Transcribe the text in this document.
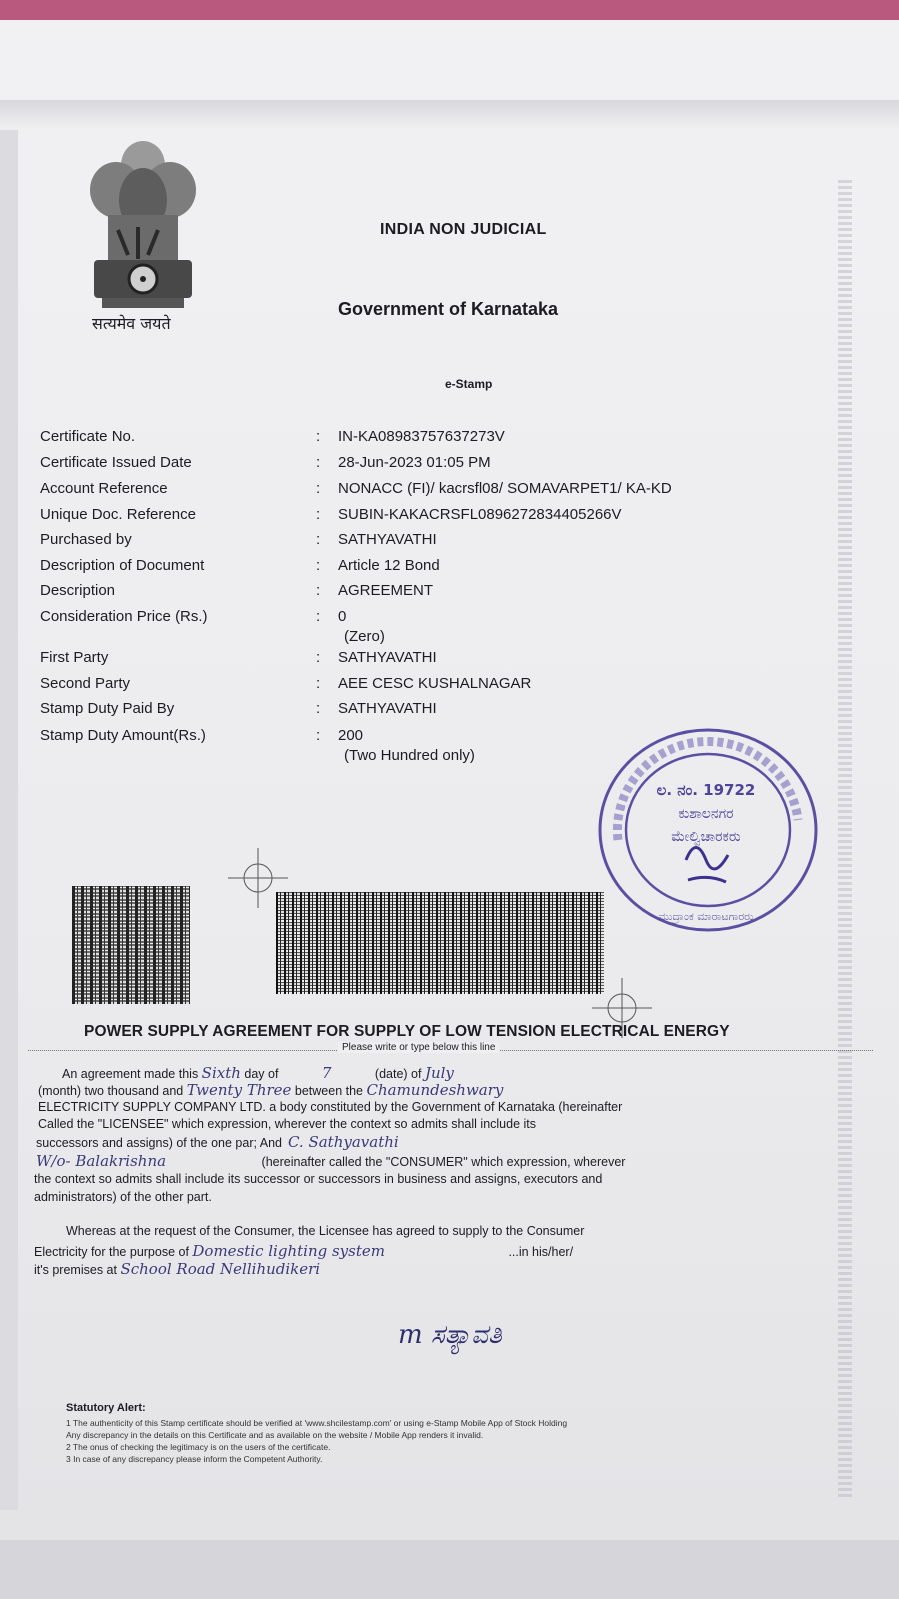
सत्यमेव जयते
INDIA NON JUDICIAL
Government of Karnataka
e-Stamp
Certificate No.	: IN-KA08983757637273V
Certificate Issued Date	: 28-Jun-2023 01:05 PM
Account Reference	: NONACC (FI)/ kacrsfl08/ SOMAVARPET1/ KA-KD
Unique Doc. Reference	: SUBIN-KAKACRSFL0896272834405266V
Purchased by	: SATHYAVATHI
Description of Document	: Article 12 Bond
Description	: AGREEMENT
Consideration Price (Rs.)	: 0
(Zero)
First Party	: SATHYAVATHI
Second Party	: AEE CESC KUSHALNAGAR
Stamp Duty Paid By	: SATHYAVATHI
Stamp Duty Amount(Rs.)	: 200
(Two Hundred only)
ಲ. ನಂ. 19722
ಕುಶಾಲನಗರ
ಮೇಲ್ವಿಚಾರಕರು
ಮುದ್ರಾಂಕ ಮಾರಾಟಗಾರರು
POWER SUPPLY AGREEMENT FOR SUPPLY OF LOW TENSION ELECTRICAL ENERGY
Please write or type below this line
An agreement made this Sixth day of	7	(date) of July
(month) two thousand and Twenty Three between the Chamundeshwary
ELECTRICITY SUPPLY COMPANY LTD. a body constituted by the Government of Karnataka (hereinafter
Called the "LICENSEE" which expression, wherever the context so admits shall include its
successors and assigns) of the one par; And C. Sathyavathi
W/o- Balakrishna	(hereinafter called the "CONSUMER" which expression, wherever
the context so admits shall include its successor or successors in business and assigns, executors and
administrators) of the other part.
Whereas at the request of the Consumer, the Licensee has agreed to supply to the Consumer
Electricity for the purpose of Domestic lighting system	...in his/her/
it's premises at School Road Nellihudikeri
m ಸತ್ಯಾವತಿ
Statutory Alert:
1 The authenticity of this Stamp certificate should be verified at 'www.shcilestamp.com' or using e-Stamp Mobile App of Stock Holding
Any discrepancy in the details on this Certificate and as available on the website / Mobile App renders it invalid.
2 The onus of checking the legitimacy is on the users of the certificate.
3 In case of any discrepancy please inform the Competent Authority.
